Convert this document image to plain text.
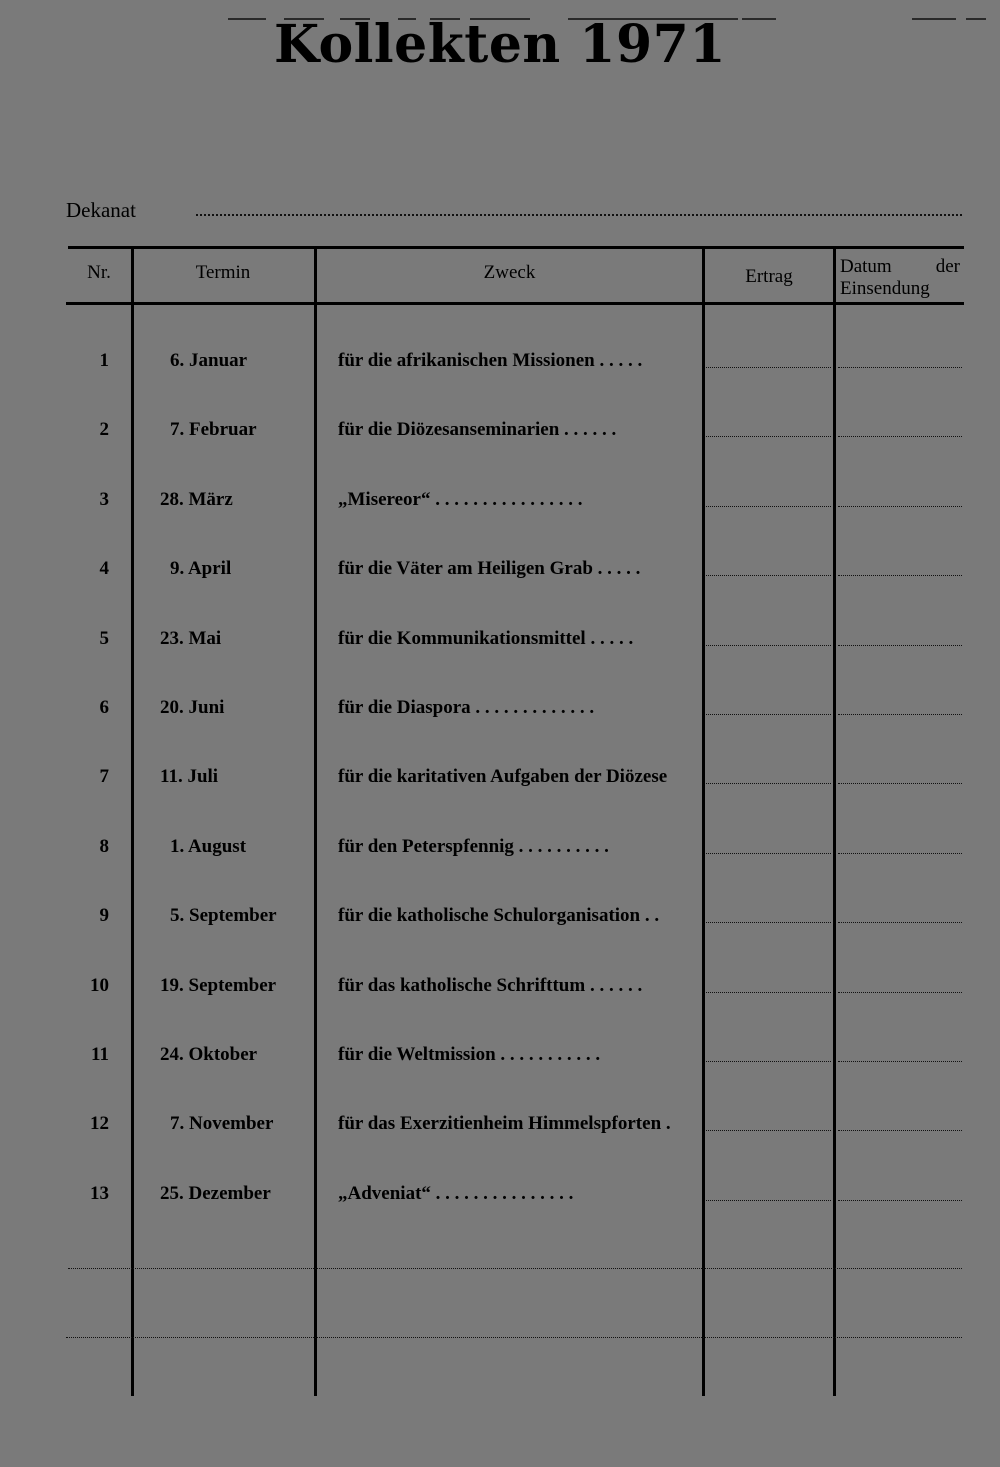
Kollekten 1971
Dekanat
Nr.	Termin	Zweck	Ertrag	Datum der
Einsendung
1	6. Januar	für die afrikanischen Missionen . . . . .
2	7. Februar	für die Diözesanseminarien . . . . . .
3	28. März	„Misereor“ . . . . . . . . . . . . . . . .
4	9. April	für die Väter am Heiligen Grab . . . . .
5	23. Mai	für die Kommunikationsmittel . . . . .
6	20. Juni	für die Diaspora . . . . . . . . . . . . .
7	11. Juli	für die karitativen Aufgaben der Diözese
8	1. August	für den Peterspfennig . . . . . . . . . .
9	5. September	für die katholische Schulorganisation . .
10	19. September	für das katholische Schrifttum . . . . . .
11	24. Oktober	für die Weltmission . . . . . . . . . . .
12	7. November	für das Exerzitienheim Himmelspforten .
13	25. Dezember	„Adveniat“ . . . . . . . . . . . . . . .
